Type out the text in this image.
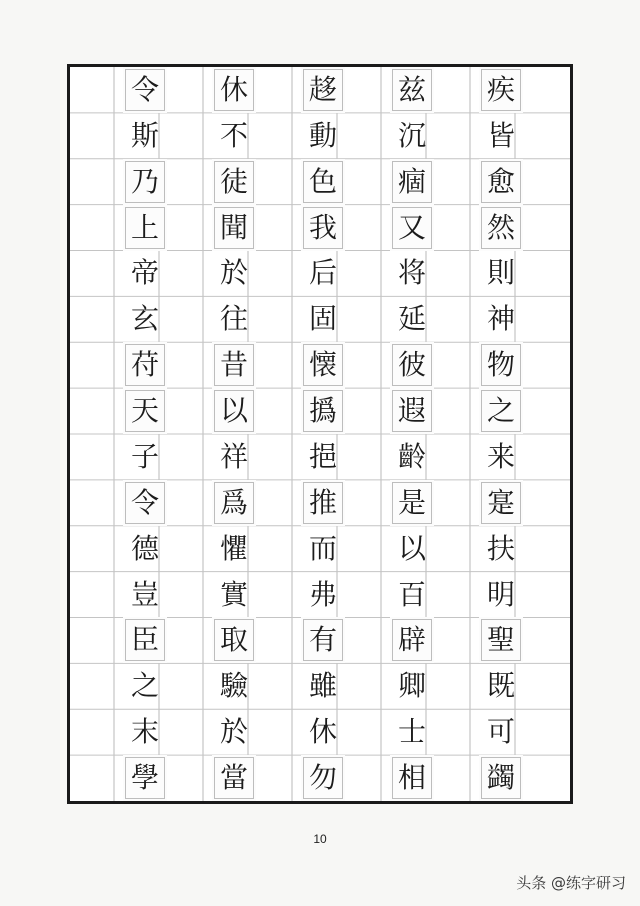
疾
皆
愈
然
則
神
物
之
来
寔
扶
明
聖
既
可
蠲
兹
沉
痼
又
将
延
彼
遐
齡
是
以
百
辟
卿
士
相
趍
動
色
我
后
固
懐
撝
挹
推
而
弗
有
雖
休
勿
休
不
徒
聞
於
往
昔
以
祥
爲
懼
實
取
驗
於
當
令
斯
乃
上
帝
玄
苻
天
子
令
德
豈
臣
之
末
學
10
头条 @练字研习
